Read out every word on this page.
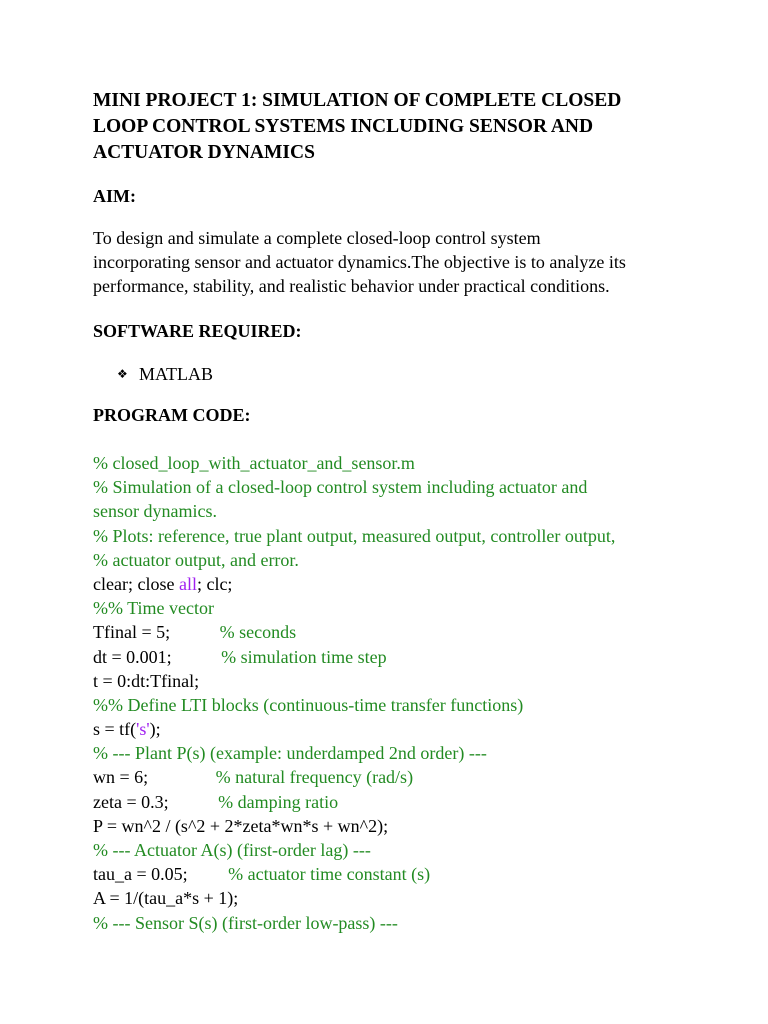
MINI PROJECT 1: SIMULATION OF COMPLETE CLOSED
LOOP CONTROL SYSTEMS INCLUDING SENSOR AND
ACTUATOR DYNAMICS
AIM:

To design and simulate a complete closed-loop control system
incorporating sensor and actuator dynamics.The objective is to analyze its
performance, stability, and realistic behavior under practical conditions.

SOFTWARE REQUIRED:
❖ MATLAB
PROGRAM CODE:
% closed_loop_with_actuator_and_sensor.m
% Simulation of a closed-loop control system including actuator and
sensor dynamics.
% Plots: reference, true plant output, measured output, controller output,
% actuator output, and error.
clear; close all; clc;
%% Time vector
Tfinal = 5;           % seconds
dt = 0.001;           % simulation time step
t = 0:dt:Tfinal;
%% Define LTI blocks (continuous-time transfer functions)
s = tf('s');
% --- Plant P(s) (example: underdamped 2nd order) ---
wn = 6;               % natural frequency (rad/s)
zeta = 0.3;           % damping ratio
P = wn^2 / (s^2 + 2*zeta*wn*s + wn^2);
% --- Actuator A(s) (first-order lag) ---
tau_a = 0.05;         % actuator time constant (s)
A = 1/(tau_a*s + 1);
% --- Sensor S(s) (first-order low-pass) ---
